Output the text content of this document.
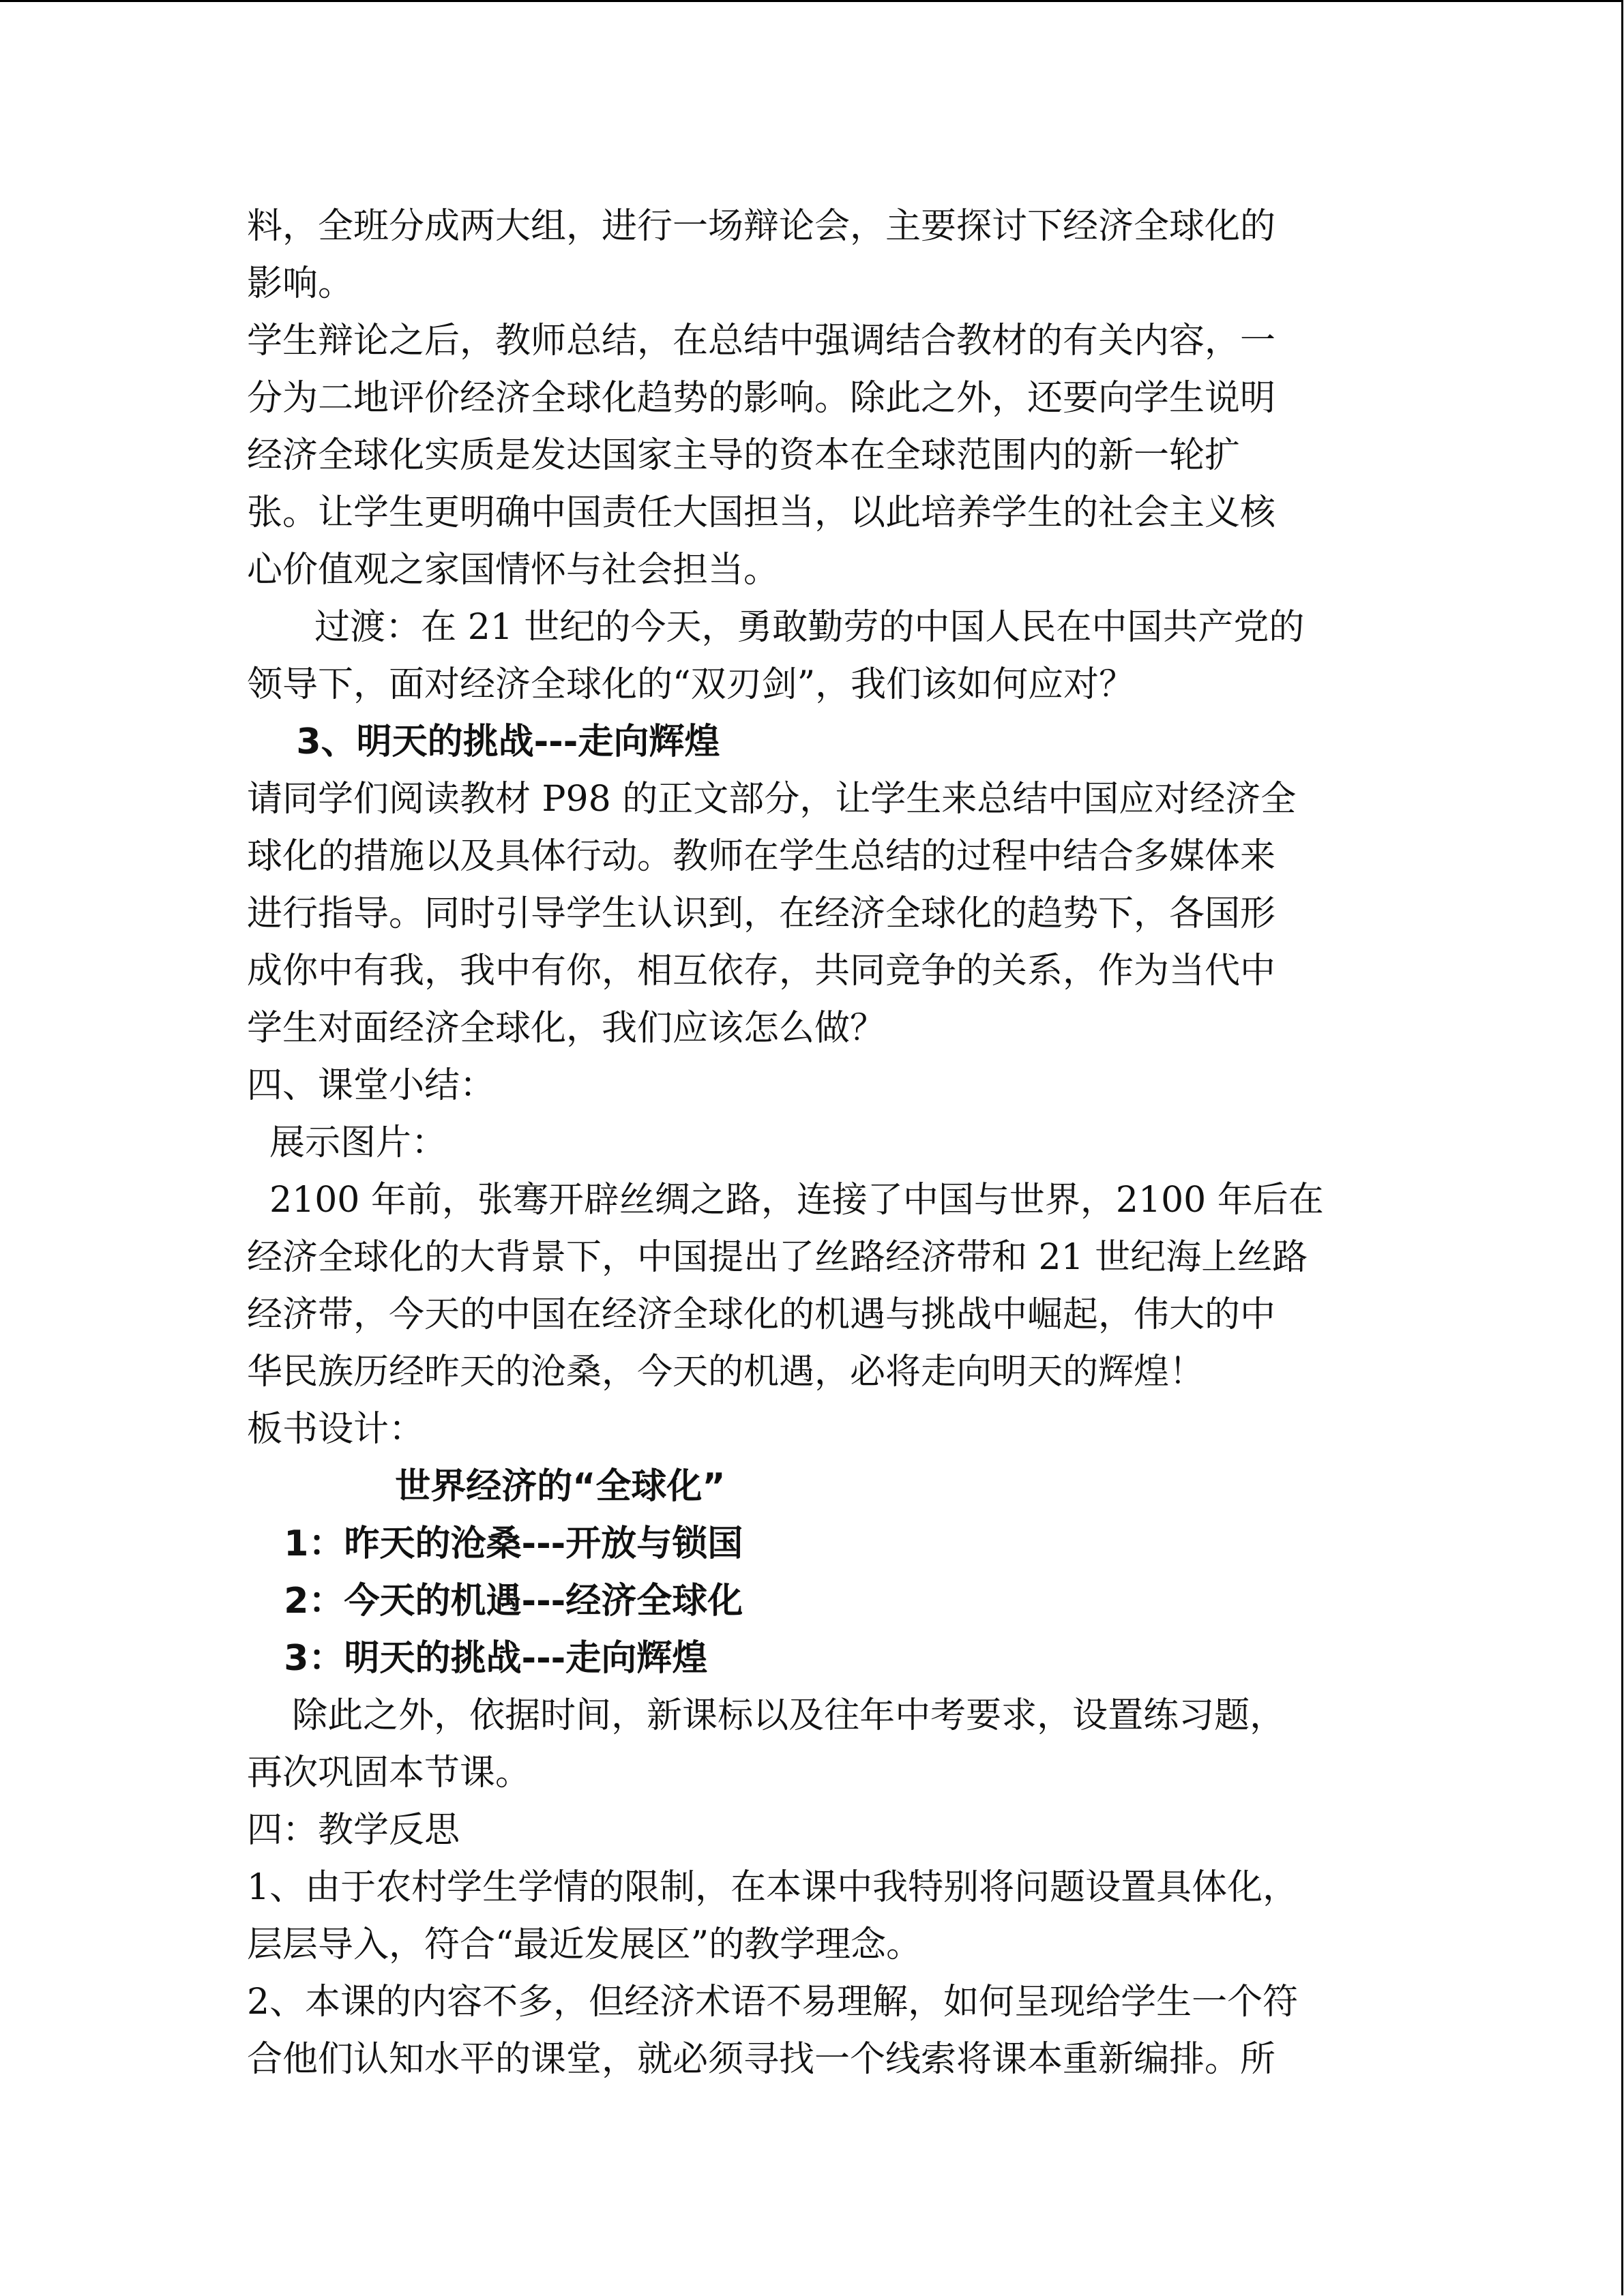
料，全班分成两大组，进行一场辩论会，主要探讨下经济全球化的
影响。
学生辩论之后，教师总结，在总结中强调结合教材的有关内容，一
分为二地评价经济全球化趋势的影响。除此之外，还要向学生说明
经济全球化实质是发达国家主导的资本在全球范围内的新一轮扩
张。让学生更明确中国责任大国担当，以此培养学生的社会主义核
心价值观之家国情怀与社会担当。
过渡：在 21 世纪的今天，勇敢勤劳的中国人民在中国共产党的
领导下，面对经济全球化的“双刃剑”，我们该如何应对？
3、明天的挑战---走向辉煌
请同学们阅读教材 P98 的正文部分，让学生来总结中国应对经济全
球化的措施以及具体行动。教师在学生总结的过程中结合多媒体来
进行指导。同时引导学生认识到，在经济全球化的趋势下，各国形
成你中有我，我中有你，相互依存，共同竞争的关系，作为当代中
学生对面经济全球化，我们应该怎么做？
四、课堂小结：
展示图片：
2100 年前，张骞开辟丝绸之路，连接了中国与世界，2100 年后在
经济全球化的大背景下，中国提出了丝路经济带和 21 世纪海上丝路
经济带，今天的中国在经济全球化的机遇与挑战中崛起，伟大的中
华民族历经昨天的沧桑，今天的机遇，必将走向明天的辉煌！
板书设计：
世界经济的“全球化”
1：昨天的沧桑---开放与锁国
2：今天的机遇---经济全球化
3：明天的挑战---走向辉煌
除此之外，依据时间，新课标以及往年中考要求，设置练习题，
再次巩固本节课。
四：教学反思
1、由于农村学生学情的限制，在本课中我特别将问题设置具体化，
层层导入，符合“最近发展区”的教学理念。
2、本课的内容不多，但经济术语不易理解，如何呈现给学生一个符
合他们认知水平的课堂，就必须寻找一个线索将课本重新编排。所
